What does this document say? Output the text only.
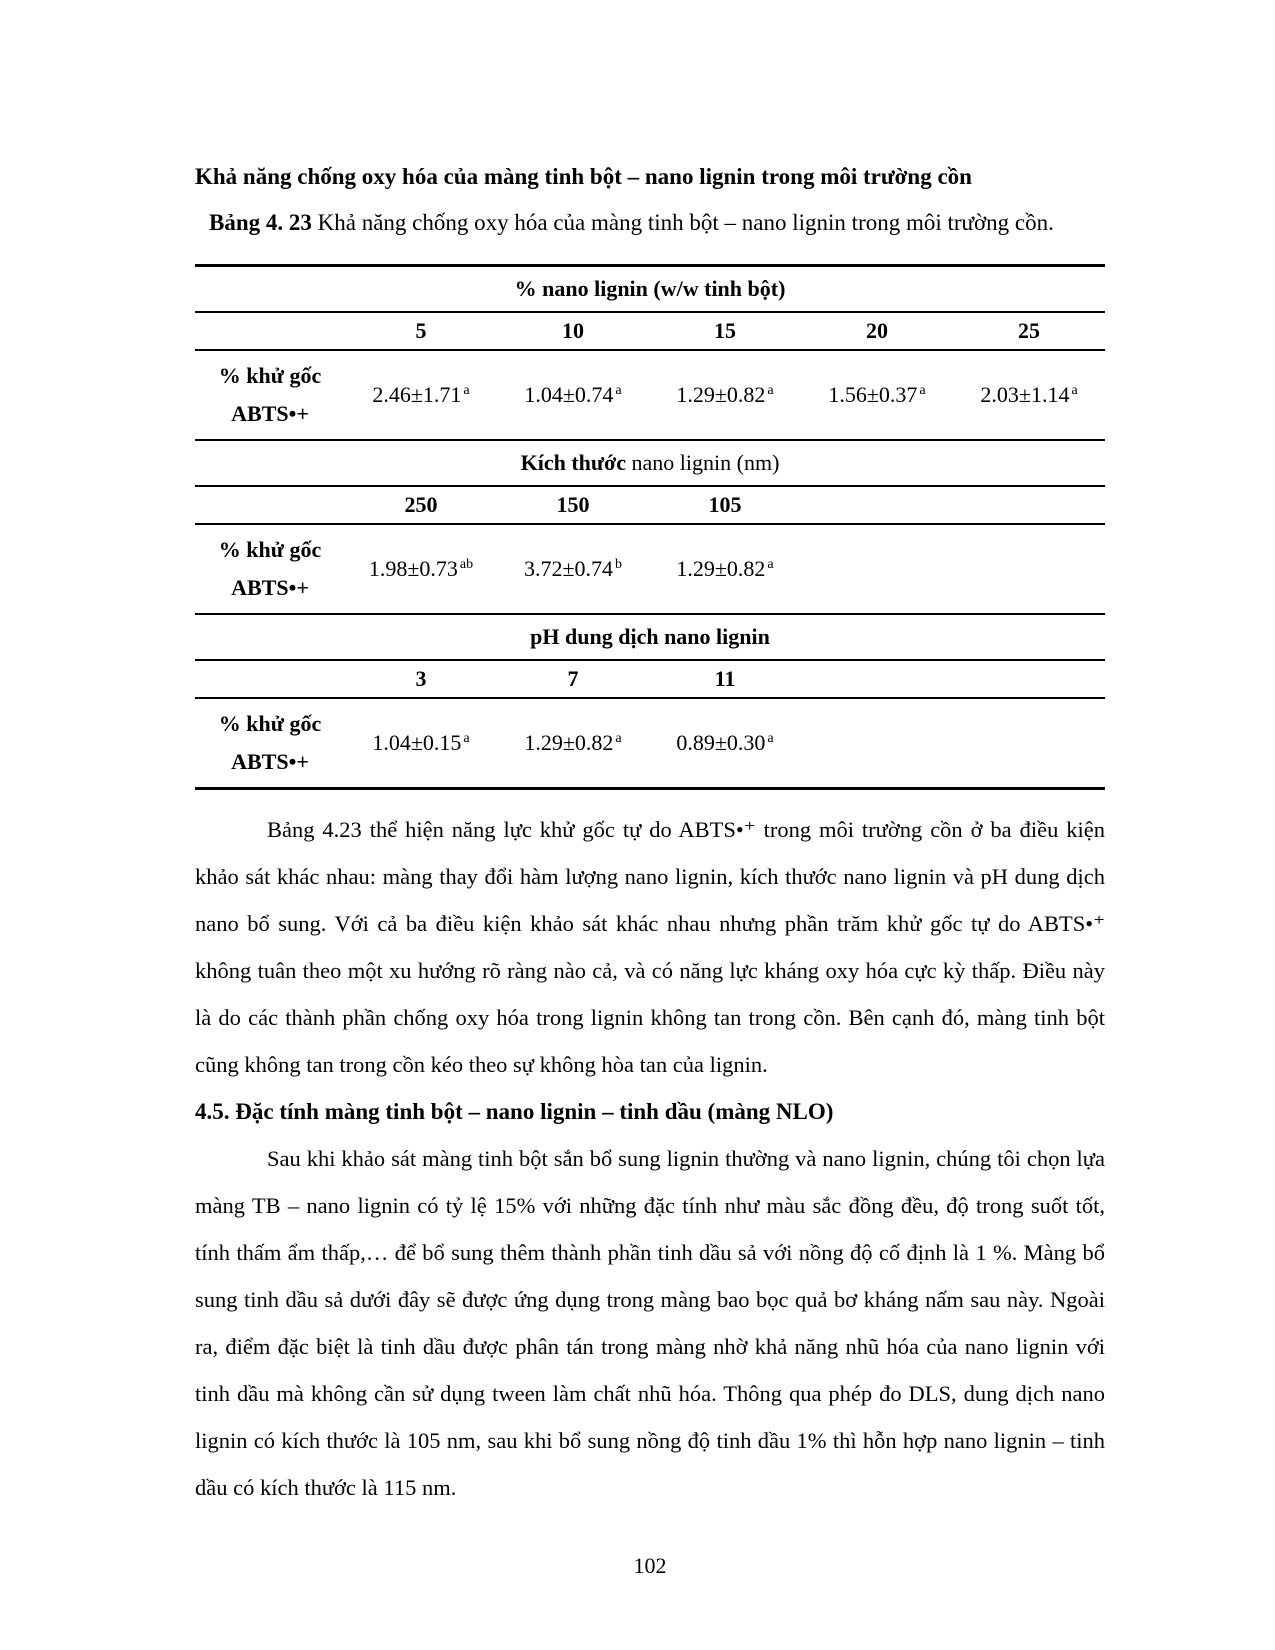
Khả năng chống oxy hóa của màng tinh bột – nano lignin trong môi trường cồn

Bảng 4. 23 Khả năng chống oxy hóa của màng tinh bột – nano lignin trong môi trường cồn.

% nano lignin (w/w tinh bột)					
	5	10	15	20	25

% khử gốc
ABTS•+	2.46±1.71 $^a$	1.04±0.74 $^a$	1.29±0.82 $^a$	1.56±0.37 $^a$	2.03±1.14 $^a$
Kích thước nano lignin (nm)					
	250	150	105		

% khử gốc
ABTS•+	1.98±0.73 $^{ab}$	3.72±0.74 $^b$	1.29±0.82 $^a$		
pH dung dịch nano lignin					
	3	7	11		

% khử gốc
ABTS•+	1.04±0.15 $^a$	1.29±0.82 $^a$	0.89±0.30 $^a$		

Bảng 4.23 thể hiện năng lực khử gốc tự do ABTS•⁺ trong môi trường cồn ở ba điều kiện khảo sát khác nhau: màng thay đổi hàm lượng nano lignin, kích thước nano lignin và pH dung dịch nano bổ sung. Với cả ba điều kiện khảo sát khác nhau nhưng phần trăm khử gốc tự do ABTS•⁺ không tuân theo một xu hướng rõ ràng nào cả, và có năng lực kháng oxy hóa cực kỳ thấp. Điều này là do các thành phần chống oxy hóa trong lignin không tan trong cồn. Bên cạnh đó, màng tinh bột cũng không tan trong cồn kéo theo sự không hòa tan của lignin.

4.5. Đặc tính màng tinh bột – nano lignin – tinh dầu (màng NLO)

Sau khi khảo sát màng tinh bột sắn bổ sung lignin thường và nano lignin, chúng tôi chọn lựa màng TB – nano lignin có tỷ lệ 15% với những đặc tính như màu sắc đồng đều, độ trong suốt tốt, tính thấm ẩm thấp,… để bổ sung thêm thành phần tinh dầu sả với nồng độ cố định là 1 %. Màng bổ sung tinh dầu sả dưới đây sẽ được ứng dụng trong màng bao bọc quả bơ kháng nấm sau này. Ngoài ra, điểm đặc biệt là tinh dầu được phân tán trong màng nhờ khả năng nhũ hóa của nano lignin với tinh dầu mà không cần sử dụng tween làm chất nhũ hóa. Thông qua phép đo DLS, dung dịch nano lignin có kích thước là 105 nm, sau khi bổ sung nồng độ tinh dầu 1% thì hỗn hợp nano lignin – tinh dầu có kích thước là 115 nm.

102
